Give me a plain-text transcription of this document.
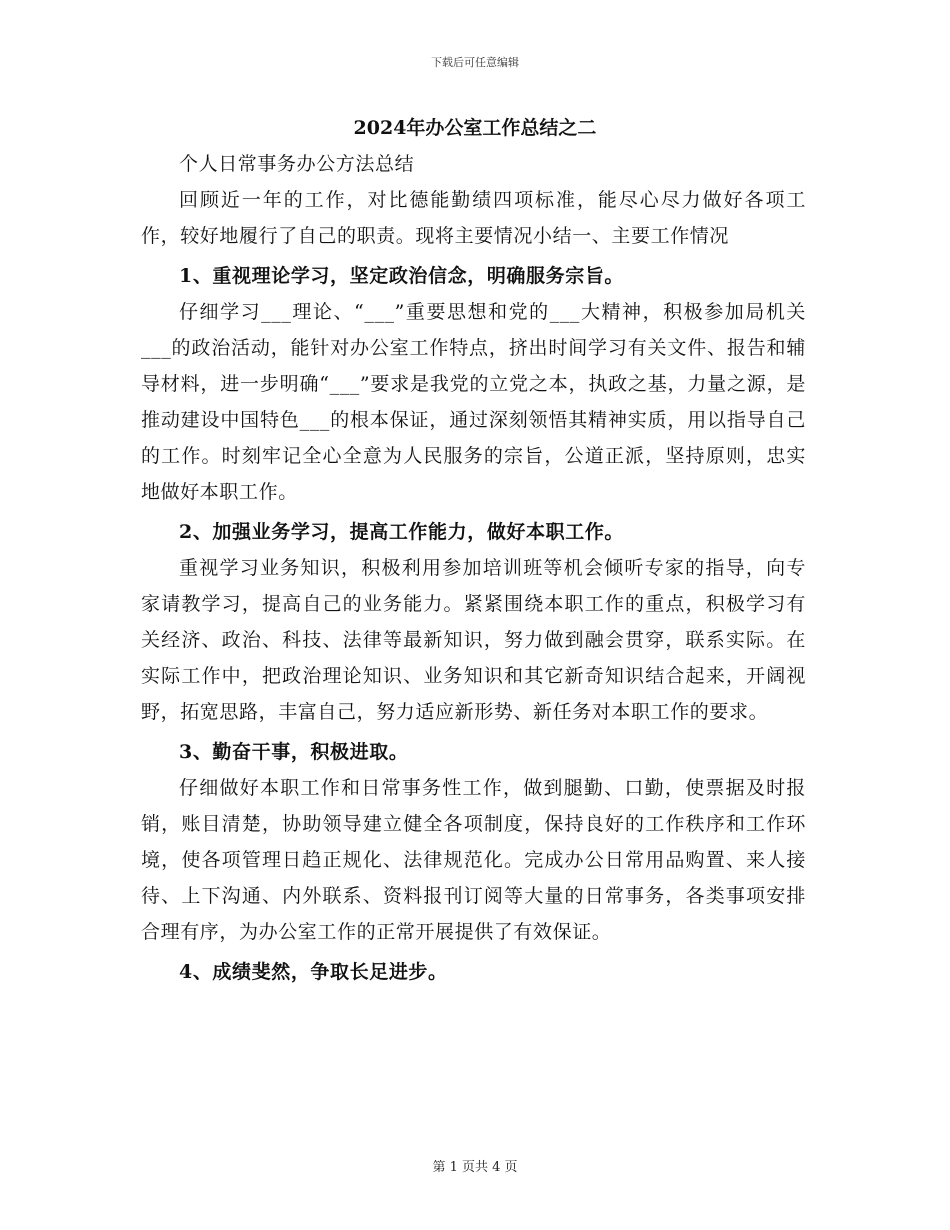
下载后可任意编辑
2024年办公室工作总结之二

个人日常事务办公方法总结

回顾近一年的工作，对比德能勤绩四项标准，能尽心尽力做好各项工作，较好地履行了自己的职责。现将主要情况小结一、主要工作情况

1、重视理论学习，坚定政治信念，明确服务宗旨。

仔细学习___理论、“___”重要思想和党的___大精神，积极参加局机关___的政治活动，能针对办公室工作特点，挤出时间学习有关文件、报告和辅导材料，进一步明确“___”要求是我党的立党之本，执政之基，力量之源，是推动建设中国特色___的根本保证，通过深刻领悟其精神实质，用以指导自己的工作。时刻牢记全心全意为人民服务的宗旨，公道正派，坚持原则，忠实地做好本职工作。

2、加强业务学习，提高工作能力，做好本职工作。

重视学习业务知识，积极利用参加培训班等机会倾听专家的指导，向专家请教学习，提高自己的业务能力。紧紧围绕本职工作的重点，积极学习有关经济、政治、科技、法律等最新知识，努力做到融会贯穿，联系实际。在实际工作中，把政治理论知识、业务知识和其它新奇知识结合起来，开阔视野，拓宽思路，丰富自己，努力适应新形势、新任务对本职工作的要求。

3、勤奋干事，积极进取。

仔细做好本职工作和日常事务性工作，做到腿勤、口勤，使票据及时报销，账目清楚，协助领导建立健全各项制度，保持良好的工作秩序和工作环境，使各项管理日趋正规化、法律规范化。完成办公日常用品购置、来人接待、上下沟通、内外联系、资料报刊订阅等大量的日常事务，各类事项安排合理有序，为办公室工作的正常开展提供了有效保证。

4、成绩斐然，争取长足进步。

第 1 页共 4 页
